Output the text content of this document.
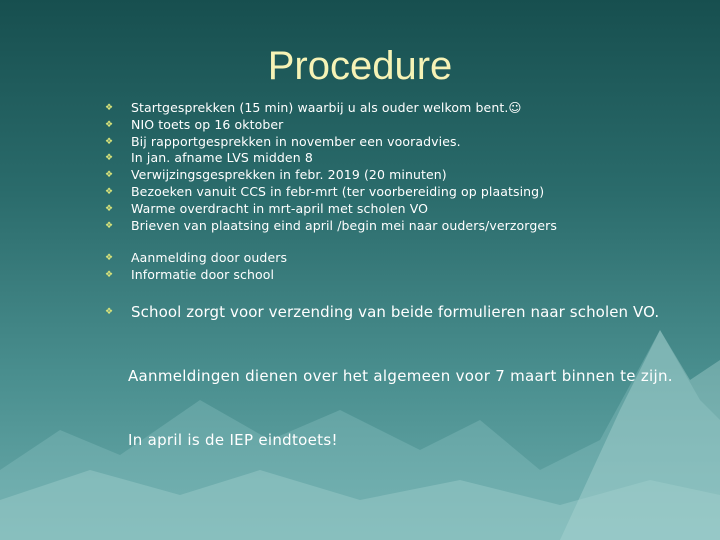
Procedure
❖ Startgesprekken (15 min) waarbij u als ouder welkom bent.☺
❖ NIO toets op 16 oktober
❖ Bij rapportgesprekken in november een vooradvies.
❖ In jan. afname LVS midden 8
❖ Verwijzingsgesprekken in febr. 2019 (20 minuten)
❖ Bezoeken vanuit CCS in febr-mrt (ter voorbereiding op plaatsing)
❖ Warme overdracht in mrt-april met scholen VO
❖ Brieven van plaatsing eind april /begin mei naar ouders/verzorgers
❖ Aanmelding door ouders
❖ Informatie door school
❖ School zorgt voor verzending van beide formulieren naar scholen VO.
Aanmeldingen dienen over het algemeen voor 7 maart binnen te zijn.
In april is de IEP eindtoets!
